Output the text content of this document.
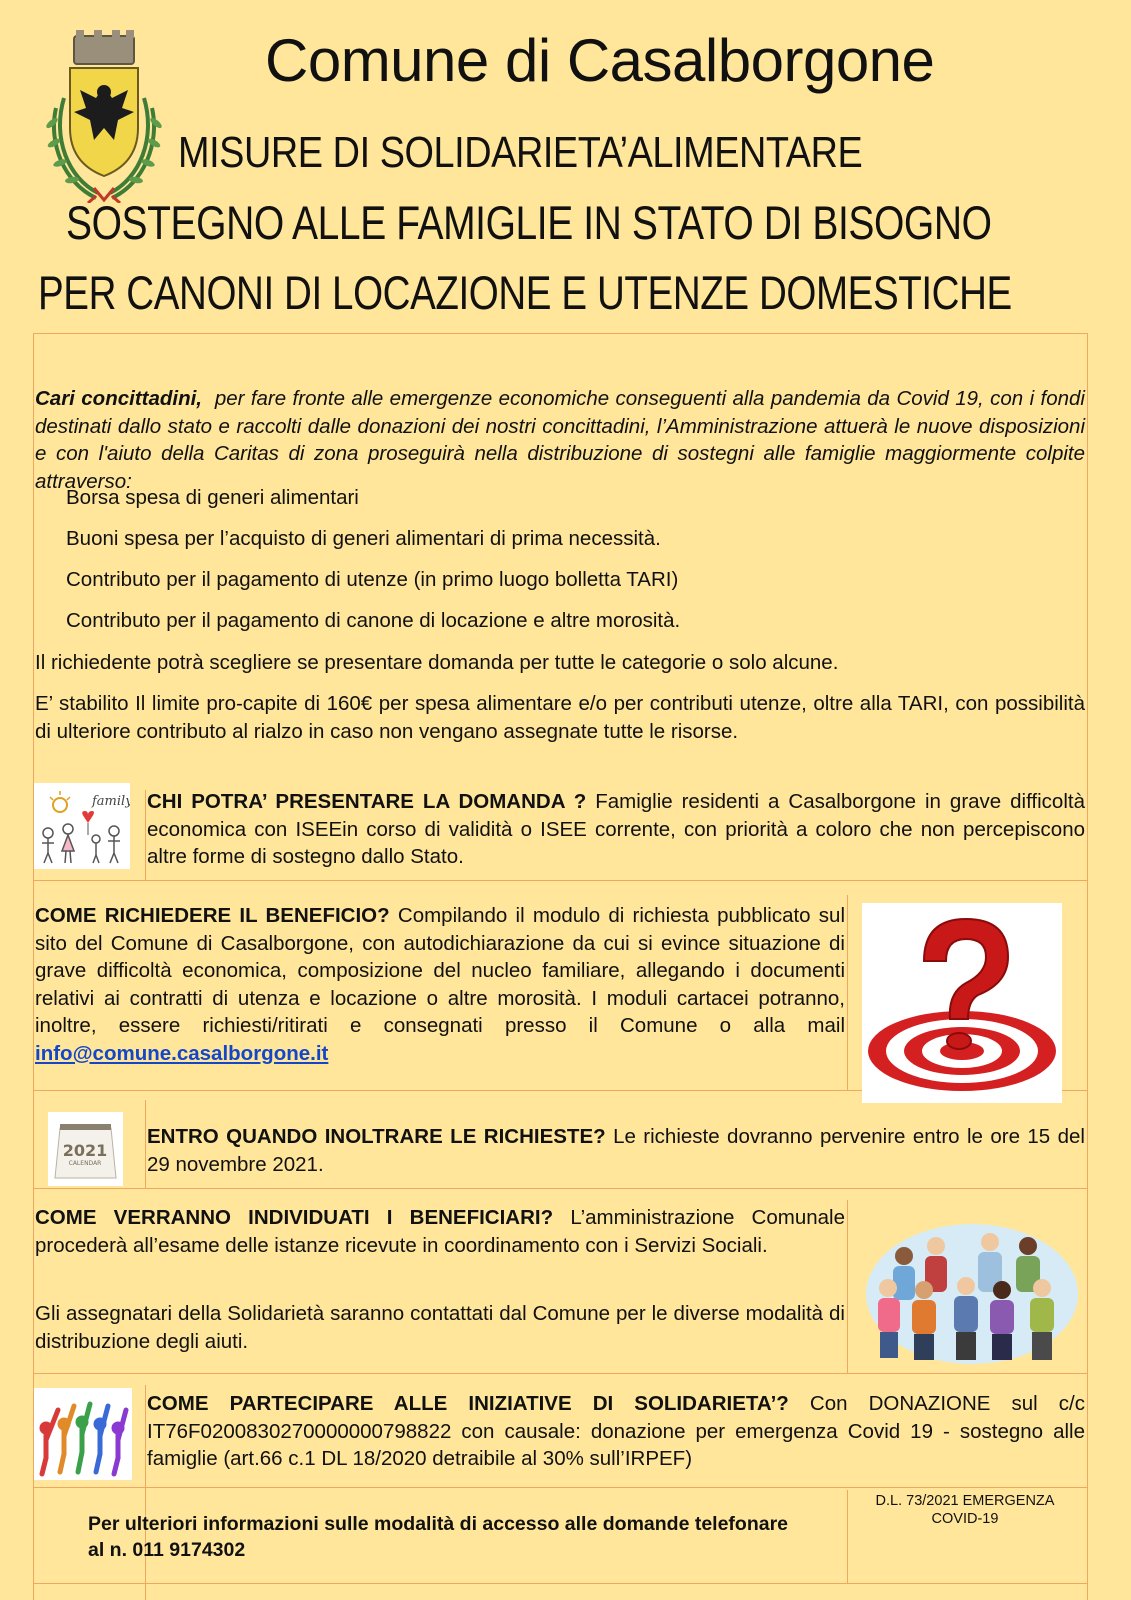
Comune di Casalborgone
MISURE DI SOLIDARIETA’ALIMENTARE
SOSTEGNO ALLE FAMIGLIE IN STATO DI BISOGNO
PER CANONI DI LOCAZIONE E UTENZE DOMESTICHE
Cari concittadini, per fare fronte alle emergenze economiche conseguenti alla pandemia da Covid 19, con i fondi destinati dallo stato e raccolti dalle donazioni dei nostri concittadini, l’Amministrazione attuerà le nuove disposizioni e con l'aiuto della Caritas di zona proseguirà nella distribuzione di sostegni alle famiglie maggiormente colpite attraverso:
Borsa spesa di generi alimentari
Buoni spesa per l’acquisto di generi alimentari di prima necessità.
Contributo per il pagamento di utenze (in primo luogo bolletta TARI)
Contributo per il pagamento di canone di locazione e altre morosità.
Il richiedente potrà scegliere se presentare domanda per tutte le categorie o solo alcune.
E’ stabilito Il limite pro-capite di 160€ per spesa alimentare e/o per contributi utenze, oltre alla TARI, con possibilità di ulteriore contributo al rialzo in caso non vengano assegnate tutte le risorse.
family CHI POTRA’ PRESENTARE LA DOMANDA ? Famiglie residenti a Casalborgone in grave difficoltà economica con ISEEin corso di validità o ISEE corrente, con priorità a coloro che non percepiscono altre forme di sostegno dallo Stato.
COME RICHIEDERE IL BENEFICIO? Compilando il modulo di richiesta pubblicato sul sito del Comune di Casalborgone, con autodichiarazione da cui si evince situazione di grave difficoltà economica, composizione del nucleo familiare, allegando i documenti relativi ai contratti di utenza e locazione o altre morosità. I moduli cartacei potranno, inoltre, essere richiesti/ritirati e consegnati presso il Comune o alla mail info@comune.casalborgone.it
2021
CALENDAR
ENTRO QUANDO INOLTRARE LE RICHIESTE? Le richieste dovranno pervenire entro le ore 15 del 29 novembre 2021.
COME VERRANNO INDIVIDUATI I BENEFICIARI? L’amministrazione Comunale procederà all’esame delle istanze ricevute in coordinamento con i Servizi Sociali.
Gli assegnatari della Solidarietà saranno contattati dal Comune per le diverse modalità di distribuzione degli aiuti.
COME PARTECIPARE ALLE INIZIATIVE DI SOLIDARIETA’? Con DONAZIONE sul c/c IT76F0200830270000000798822 con causale: donazione per emergenza Covid 19 - sostegno alle famiglie (art.66 c.1 DL 18/2020 detraibile al 30% sull’IRPEF)
Per ulteriori informazioni sulle modalità di accesso alle domande telefonare al n. 011 9174302
D.L. 73/2021 EMERGENZA COVID-19
